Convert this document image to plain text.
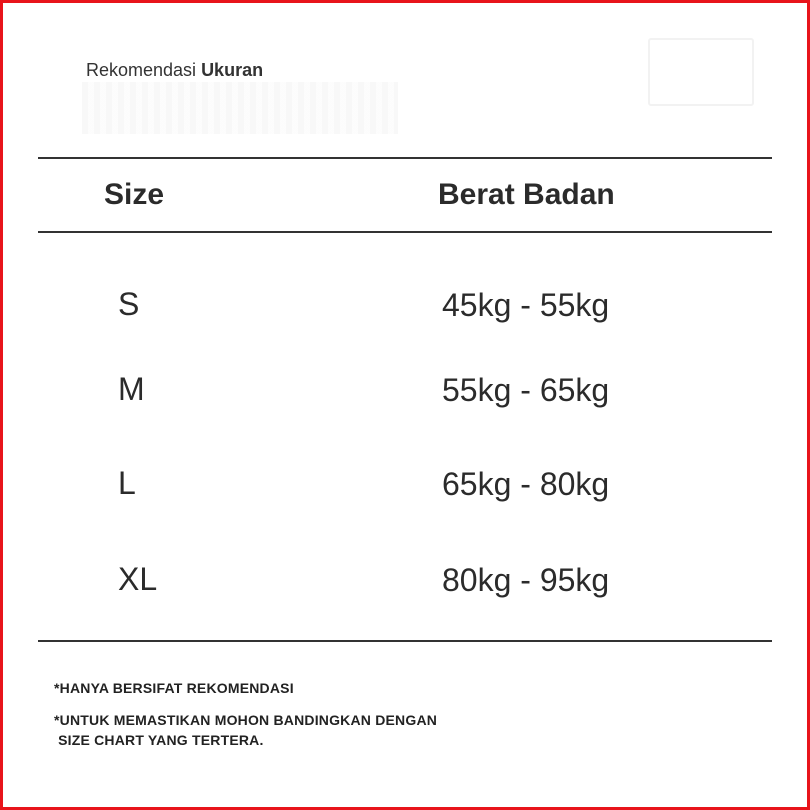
Rekomendasi Ukuran
Size	Berat Badan
S	45kg - 55kg
M	55kg - 65kg
L	65kg - 80kg
XL	80kg - 95kg
*HANYA BERSIFAT REKOMENDASI
*UNTUK MEMASTIKAN MOHON BANDINGKAN DENGAN
SIZE CHART YANG TERTERA.
